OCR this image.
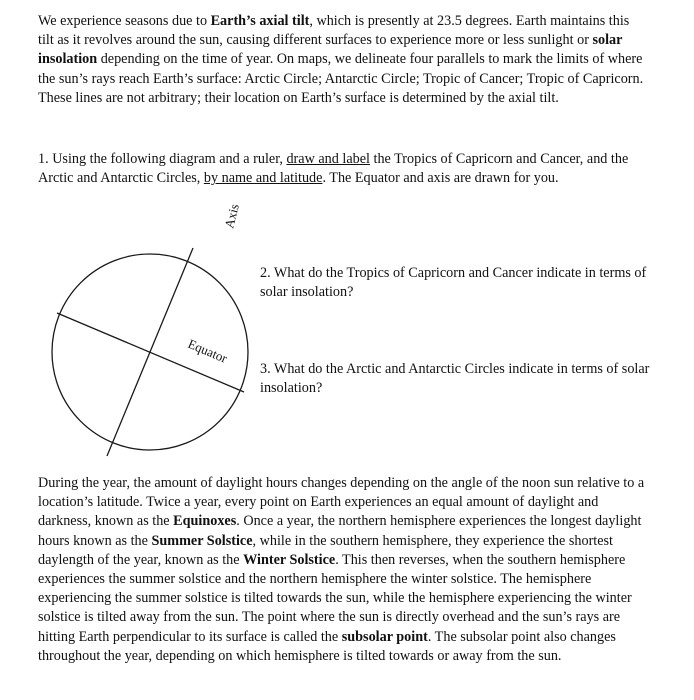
We experience seasons due to Earth’s axial tilt, which is presently at 23.5 degrees. Earth maintains this tilt as it revolves around the sun, causing different surfaces to experience more or less sunlight or solar insolation depending on the time of year. On maps, we delineate four parallels to mark the limits of where the sun’s rays reach Earth’s surface: Arctic Circle; Antarctic Circle; Tropic of Cancer; Tropic of Capricorn. These lines are not arbitrary; their location on Earth’s surface is determined by the axial tilt.

1. Using the following diagram and a ruler, draw and label the Tropics of Capricorn and Cancer, and the Arctic and Antarctic Circles, by name and latitude. The Equator and axis are drawn for you.

Axis
Equator

2. What do the Tropics of Capricorn and Cancer indicate in terms of solar insolation?

3. What do the Arctic and Antarctic Circles indicate in terms of solar insolation?

During the year, the amount of daylight hours changes depending on the angle of the noon sun relative to a location’s latitude. Twice a year, every point on Earth experiences an equal amount of daylight and darkness, known as the Equinoxes. Once a year, the northern hemisphere experiences the longest daylight hours known as the Summer Solstice, while in the southern hemisphere, they experience the shortest daylength of the year, known as the Winter Solstice. This then reverses, when the southern hemisphere experiences the summer solstice and the northern hemisphere the winter solstice. The hemisphere experiencing the summer solstice is tilted towards the sun, while the hemisphere experiencing the winter solstice is tilted away from the sun. The point where the sun is directly overhead and the sun’s rays are hitting Earth perpendicular to its surface is called the subsolar point. The subsolar point also changes throughout the year, depending on which hemisphere is tilted towards or away from the sun.
